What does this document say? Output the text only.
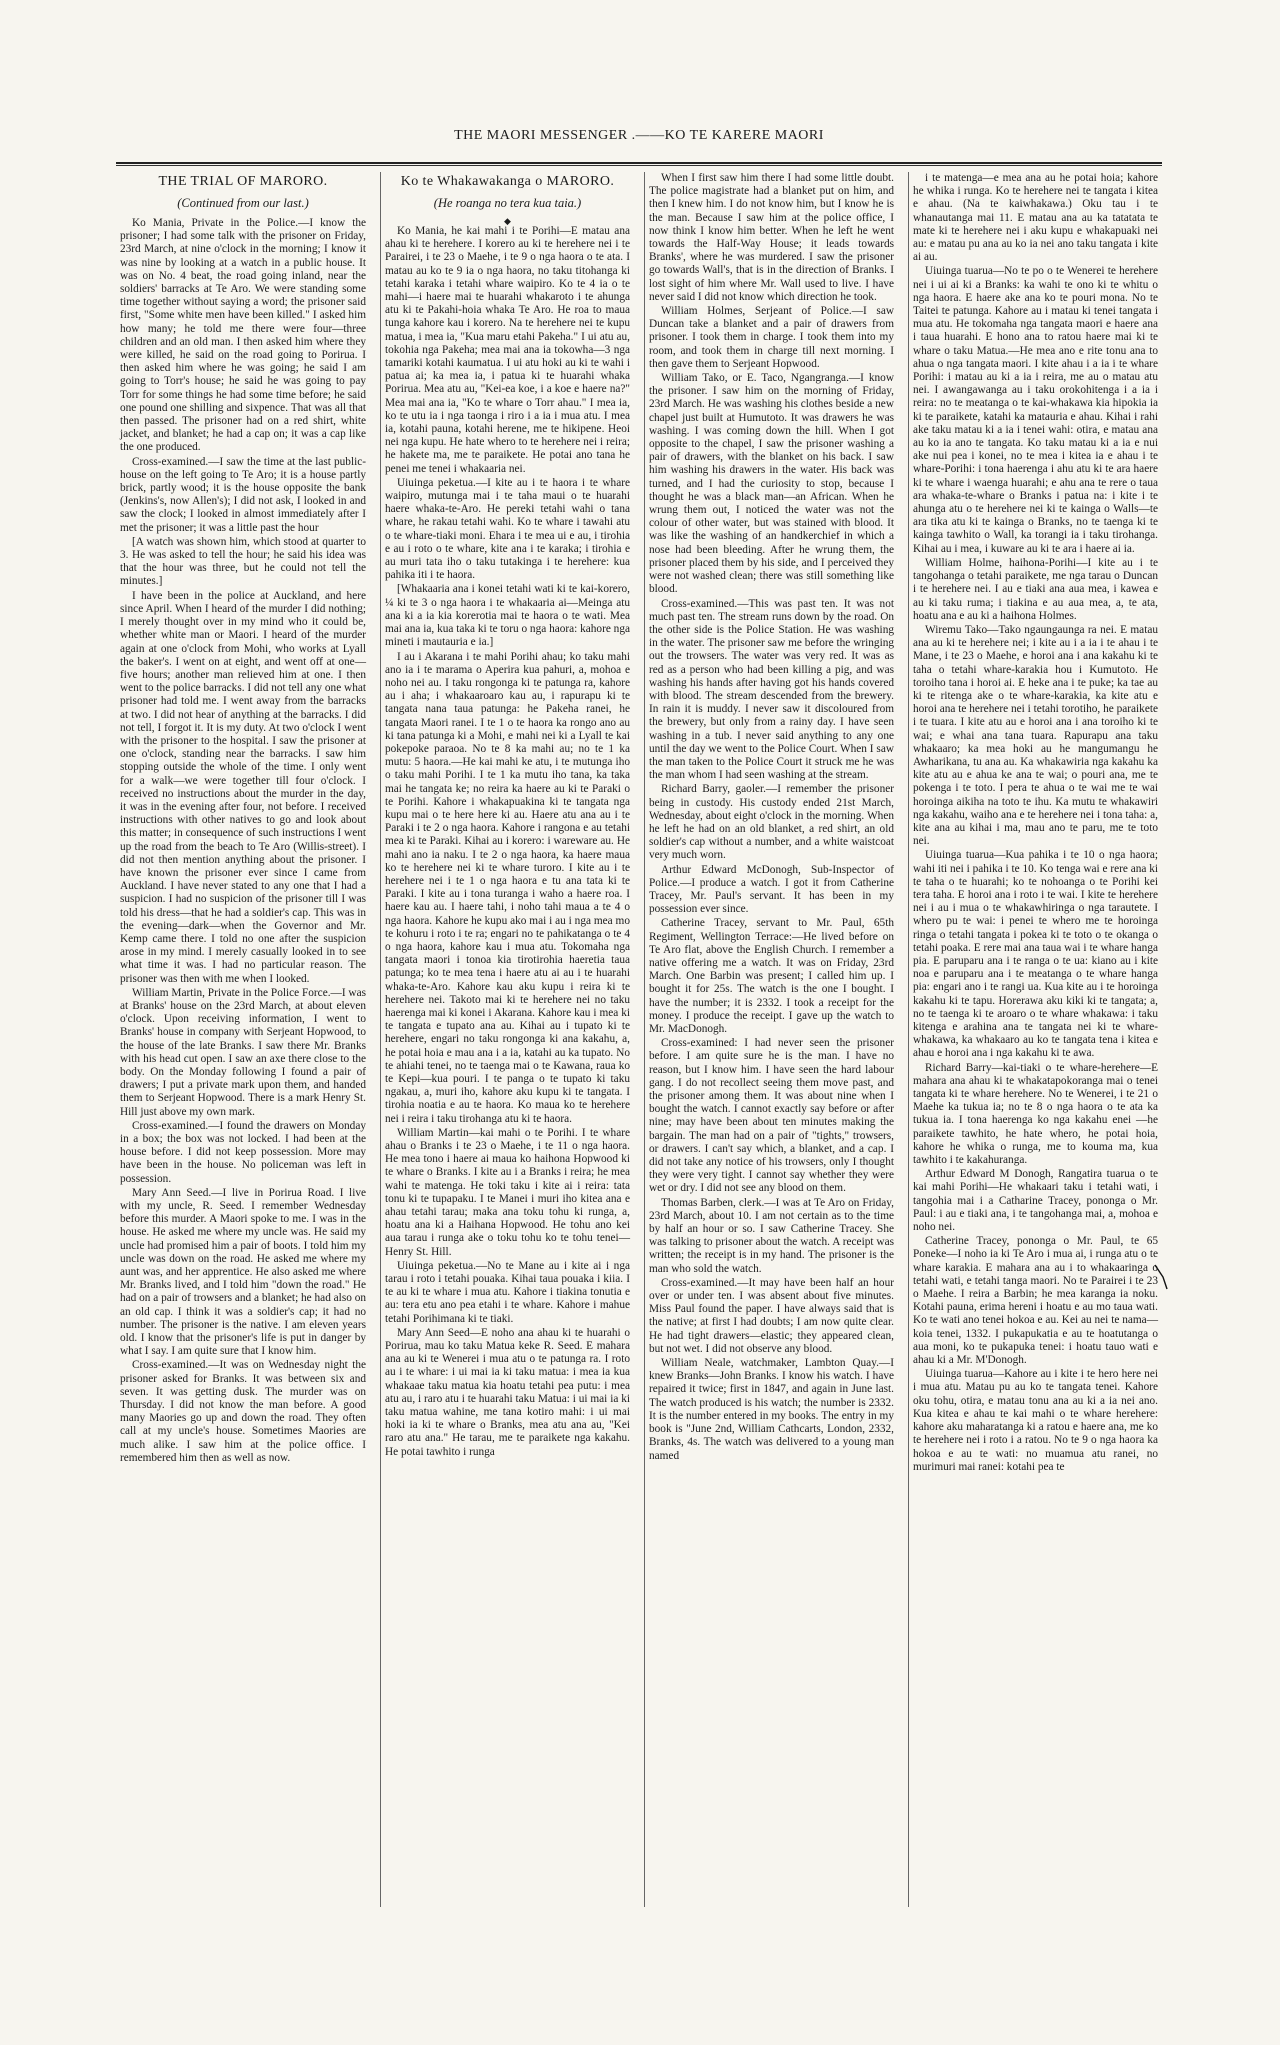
THE MAORI MESSENGER .——KO TE KARERE MAORI
THE TRIAL OF MARORO.
(Continued from our last.)

Ko Mania, Private in the Police.—I know the prisoner; I had some talk with the prisoner on Friday, 23rd March, at nine o'clock in the morning; I know it was nine by looking at a watch in a public house. It was on No. 4 beat, the road going inland, near the soldiers' barracks at Te Aro. We were standing some time together without saying a word; the prisoner said first, "Some white men have been killed." I asked him how many; he told me there were four—three children and an old man. I then asked him where they were killed, he said on the road going to Porirua. I then asked him where he was going; he said I am going to Torr's house; he said he was going to pay Torr for some things he had some time before; he said one pound one shilling and sixpence. That was all that then passed. The prisoner had on a red shirt, white jacket, and blanket; he had a cap on; it was a cap like the one produced.

Cross-examined.—I saw the time at the last public-house on the left going to Te Aro; it is a house partly brick, partly wood; it is the house opposite the bank (Jenkins's, now Allen's); I did not ask, I looked in and saw the clock; I looked in almost immediately after I met the prisoner; it was a little past the hour

[A watch was shown him, which stood at quarter to 3. He was asked to tell the hour; he said his idea was that the hour was three, but he could not tell the minutes.]

I have been in the police at Auckland, and here since April. When I heard of the murder I did nothing; I merely thought over in my mind who it could be, whether white man or Maori. I heard of the murder again at one o'clock from Mohi, who works at Lyall the baker's. I went on at eight, and went off at one—five hours; another man relieved him at one. I then went to the police barracks. I did not tell any one what prisoner had told me. I went away from the barracks at two. I did not hear of anything at the barracks. I did not tell, I forgot it. It is my duty. At two o'clock I went with the prisoner to the hospital. I saw the prisoner at one o'clock, standing near the barracks. I saw him stopping outside the whole of the time. I only went for a walk—we were together till four o'clock. I received no instructions about the murder in the day, it was in the evening after four, not before. I received instructions with other natives to go and look about this matter; in consequence of such instructions I went up the road from the beach to Te Aro (Willis-street). I did not then mention anything about the prisoner. I have known the prisoner ever since I came from Auckland. I have never stated to any one that I had a suspicion. I had no suspicion of the prisoner till I was told his dress—that he had a soldier's cap. This was in the evening—dark—when the Governor and Mr. Kemp came there. I told no one after the suspicion arose in my mind. I merely casually looked in to see what time it was. I had no particular reason. The prisoner was then with me when I looked.

William Martin, Private in the Police Force.—I was at Branks' house on the 23rd March, at about eleven o'clock. Upon receiving information, I went to Branks' house in company with Serjeant Hopwood, to the house of the late Branks. I saw there Mr. Branks with his head cut open. I saw an axe there close to the body. On the Monday following I found a pair of drawers; I put a private mark upon them, and handed them to Serjeant Hopwood. There is a mark Henry St. Hill just above my own mark.

Cross-examined.—I found the drawers on Monday in a box; the box was not locked. I had been at the house before. I did not keep possession. More may have been in the house. No policeman was left in possession.

Mary Ann Seed.—I live in Porirua Road. I live with my uncle, R. Seed. I remember Wednesday before this murder. A Maori spoke to me. I was in the house. He asked me where my uncle was. He said my uncle had promised him a pair of boots. I told him my uncle was down on the road. He asked me where my aunt was, and her apprentice. He also asked me where Mr. Branks lived, and I told him "down the road." He had on a pair of trowsers and a blanket; he had also on an old cap. I think it was a soldier's cap; it had no number. The prisoner is the native. I am eleven years old. I know that the prisoner's life is put in danger by what I say. I am quite sure that I know him.

Cross-examined.—It was on Wednesday night the prisoner asked for Branks. It was between six and seven. It was getting dusk. The murder was on Thursday. I did not know the man before. A good many Maories go up and down the road. They often call at my uncle's house. Sometimes Maories are much alike. I saw him at the police office. I remembered him then as well as now.

Ko te Whakawakanga o MARORO.
(He roanga no tera kua taia.)
◆

Ko Mania, he kai mahi i te Porihi—E matau ana ahau ki te herehere. I korero au ki te herehere nei i te Parairei, i te 23 o Maehe, i te 9 o nga haora o te ata. I matau au ko te 9 ia o nga haora, no taku titohanga ki tetahi karaka i tetahi whare waipiro. Ko te 4 ia o te mahi—i haere mai te huarahi whakaroto i te ahunga atu ki te Pakahi-hoia whaka Te Aro. He roa to maua tunga kahore kau i korero. Na te herehere nei te kupu matua, i mea ia, "Kua maru etahi Pakeha." I ui atu au, tokohia nga Pakeha; mea mai ana ia tokowha—3 nga tamariki kotahi kaumatua. I ui atu hoki au ki te wahi i patua ai; ka mea ia, i patua ki te huarahi whaka Porirua. Mea atu au, "Kei-ea koe, i a koe e haere na?" Mea mai ana ia, "Ko te whare o Torr ahau." I mea ia, ko te utu ia i nga taonga i riro i a ia i mua atu. I mea ia, kotahi pauna, kotahi herene, me te hikipene. Heoi nei nga kupu. He hate whero to te herehere nei i reira; he hakete ma, me te paraikete. He potai ano tana he penei me tenei i whakaaria nei.

Uiuinga peketua.—I kite au i te haora i te whare waipiro, mutunga mai i te taha maui o te huarahi haere whaka-te-Aro. He pereki tetahi wahi o tana whare, he rakau tetahi wahi. Ko te whare i tawahi atu o te whare-tiaki moni. Ehara i te mea ui e au, i tirohia e au i roto o te whare, kite ana i te karaka; i tirohia e au muri tata iho o taku tutakinga i te herehere: kua pahika iti i te haora.

[Whakaaria ana i konei tetahi wati ki te kai-korero, ¼ ki te 3 o nga haora i te whakaaria ai—Meinga atu ana ki a ia kia korerotia mai te haora o te wati. Mea mai ana ia, kua taka ki te toru o nga haora: kahore nga mineti i mautauria e ia.]

I au i Akarana i te mahi Porihi ahau; ko taku mahi ano ia i te marama o Aperira kua pahuri, a, mohoa e noho nei au. I taku rongonga ki te patunga ra, kahore au i aha; i whakaaroaro kau au, i rapurapu ki te tangata nana taua patunga: he Pakeha ranei, he tangata Maori ranei. I te 1 o te haora ka rongo ano au ki tana patunga ki a Mohi, e mahi nei ki a Lyall te kai pokepoke paraoa. No te 8 ka mahi au; no te 1 ka mutu: 5 haora.—He kai mahi ke atu, i te mutunga iho o taku mahi Porihi. I te 1 ka mutu iho tana, ka taka mai he tangata ke; no reira ka haere au ki te Paraki o te Porihi. Kahore i whakapuakina ki te tangata nga kupu mai o te here here ki au. Haere atu ana au i te Paraki i te 2 o nga haora. Kahore i rangona e au tetahi mea ki te Paraki. Kihai au i korero: i wareware au. He mahi ano ia naku. I te 2 o nga haora, ka haere maua ko te herehere nei ki te whare turoro. I kite au i te herehere nei i te 1 o nga haora e tu ana tata ki te Paraki. I kite au i tona turanga i waho a haere roa. I haere kau au. I haere tahi, i noho tahi maua a te 4 o nga haora. Kahore he kupu ako mai i au i nga mea mo te kohuru i roto i te ra; engari no te pahikatanga o te 4 o nga haora, kahore kau i mua atu. Tokomaha nga tangata maori i tonoa kia tirotirohia haeretia taua patunga; ko te mea tena i haere atu ai au i te huarahi whaka-te-Aro. Kahore kau aku kupu i reira ki te herehere nei. Takoto mai ki te herehere nei no taku haerenga mai ki konei i Akarana. Kahore kau i mea ki te tangata e tupato ana au. Kihai au i tupato ki te herehere, engari no taku rongonga ki ana kakahu, a, he potai hoia e mau ana i a ia, katahi au ka tupato. No te ahiahi tenei, no te taenga mai o te Kawana, raua ko te Kepi—kua pouri. I te panga o te tupato ki taku ngakau, a, muri iho, kahore aku kupu ki te tangata. I tirohia noatia e au te haora. Ko maua ko te herehere nei i reira i taku tirohanga atu ki te haora.

William Martin—kai mahi o te Porihi. I te whare ahau o Branks i te 23 o Maehe, i te 11 o nga haora. He mea tono i haere ai maua ko haihona Hopwood ki te whare o Branks. I kite au i a Branks i reira; he mea wahi te matenga. He toki taku i kite ai i reira: tata tonu ki te tupapaku. I te Manei i muri iho kitea ana e ahau tetahi tarau; maka ana toku tohu ki runga, a, hoatu ana ki a Haihana Hopwood. He tohu ano kei aua tarau i runga ake o toku tohu ko te tohu tenei—Henry St. Hill.

Uiuinga peketua.—No te Mane au i kite ai i nga tarau i roto i tetahi pouaka. Kihai taua pouaka i kiia. I te au ki te whare i mua atu. Kahore i tiakina tonutia e au: tera etu ano pea etahi i te whare. Kahore i mahue tetahi Porihimana ki te tiaki.

Mary Ann Seed—E noho ana ahau ki te huarahi o Porirua, mau ko taku Matua keke R. Seed. E mahara ana au ki te Wenerei i mua atu o te patunga ra. I roto au i te whare: i ui mai ia ki taku matua: i mea ia kua whakaae taku matua kia hoatu tetahi pea putu: i mea atu au, i raro atu i te huarahi taku Matua: i ui mai ia ki taku matua wahine, me tana kotiro mahi: i ui mai hoki ia ki te whare o Branks, mea atu ana au, "Kei raro atu ana." He tarau, me te paraikete nga kakahu. He potai tawhito i runga

When I first saw him there I had some little doubt. The police magistrate had a blanket put on him, and then I knew him. I do not know him, but I know he is the man. Because I saw him at the police office, I now think I know him better. When he left he went towards the Half-Way House; it leads towards Branks', where he was murdered. I saw the prisoner go towards Wall's, that is in the direction of Branks. I lost sight of him where Mr. Wall used to live. I have never said I did not know which direction he took.

William Holmes, Serjeant of Police.—I saw Duncan take a blanket and a pair of drawers from prisoner. I took them in charge. I took them into my room, and took them in charge till next morning. I then gave them to Serjeant Hopwood.

William Tako, or E. Taco, Ngangranga.—I know the prisoner. I saw him on the morning of Friday, 23rd March. He was washing his clothes beside a new chapel just built at Humutoto. It was drawers he was washing. I was coming down the hill. When I got opposite to the chapel, I saw the prisoner washing a pair of drawers, with the blanket on his back. I saw him washing his drawers in the water. His back was turned, and I had the curiosity to stop, because I thought he was a black man—an African. When he wrung them out, I noticed the water was not the colour of other water, but was stained with blood. It was like the washing of an handkerchief in which a nose had been bleeding. After he wrung them, the prisoner placed them by his side, and I perceived they were not washed clean; there was still something like blood.

Cross-examined.—This was past ten. It was not much past ten. The stream runs down by the road. On the other side is the Police Station. He was washing in the water. The prisoner saw me before the wringing out the trowsers. The water was very red. It was as red as a person who had been killing a pig, and was washing his hands after having got his hands covered with blood. The stream descended from the brewery. In rain it is muddy. I never saw it discoloured from the brewery, but only from a rainy day. I have seen washing in a tub. I never said anything to any one until the day we went to the Police Court. When I saw the man taken to the Police Court it struck me he was the man whom I had seen washing at the stream.

Richard Barry, gaoler.—I remember the prisoner being in custody. His custody ended 21st March, Wednesday, about eight o'clock in the morning. When he left he had on an old blanket, a red shirt, an old soldier's cap without a number, and a white waistcoat very much worn.

Arthur Edward McDonogh, Sub-Inspector of Police.—I produce a watch. I got it from Catherine Tracey, Mr. Paul's servant. It has been in my possession ever since.

Catherine Tracey, servant to Mr. Paul, 65th Regiment, Wellington Terrace:—He lived before on Te Aro flat, above the English Church. I remember a native offering me a watch. It was on Friday, 23rd March. One Barbin was present; I called him up. I bought it for 25s. The watch is the one I bought. I have the number; it is 2332. I took a receipt for the money. I produce the receipt. I gave up the watch to Mr. MacDonogh.

Cross-examined: I had never seen the prisoner before. I am quite sure he is the man. I have no reason, but I know him. I have seen the hard labour gang. I do not recollect seeing them move past, and the prisoner among them. It was about nine when I bought the watch. I cannot exactly say before or after nine; may have been about ten minutes making the bargain. The man had on a pair of "tights," trowsers, or drawers. I can't say which, a blanket, and a cap. I did not take any notice of his trowsers, only I thought they were very tight. I cannot say whether they were wet or dry. I did not see any blood on them.

Thomas Barben, clerk.—I was at Te Aro on Friday, 23rd March, about 10. I am not certain as to the time by half an hour or so. I saw Catherine Tracey. She was talking to prisoner about the watch. A receipt was written; the receipt is in my hand. The prisoner is the man who sold the watch.

Cross-examined.—It may have been half an hour over or under ten. I was absent about five minutes. Miss Paul found the paper. I have always said that is the native; at first I had doubts; I am now quite clear. He had tight drawers—elastic; they appeared clean, but not wet. I did not observe any blood.

William Neale, watchmaker, Lambton Quay.—I knew Branks—John Branks. I know his watch. I have repaired it twice; first in 1847, and again in June last. The watch produced is his watch; the number is 2332. It is the number entered in my books. The entry in my book is "June 2nd, William Cathcarts, London, 2332, Branks, 4s. The watch was delivered to a young man named

i te matenga—e mea ana au he potai hoia; kahore he whika i runga. Ko te herehere nei te tangata i kitea e ahau. (Na te kaiwhakawa.) Oku tau i te whanautanga mai 11. E matau ana au ka tatatata te mate ki te herehere nei i aku kupu e whakapuaki nei au: e matau pu ana au ko ia nei ano taku tangata i kite ai au.

Uiuinga tuarua—No te po o te Wenerei te herehere nei i ui ai ki a Branks: ka wahi te ono ki te whitu o nga haora. E haere ake ana ko te pouri mona. No te Taitei te patunga. Kahore au i matau ki tenei tangata i mua atu. He tokomaha nga tangata maori e haere ana i taua huarahi. E hono ana to ratou haere mai ki te whare o taku Matua.—He mea ano e rite tonu ana to ahua o nga tangata maori. I kite ahau i a ia i te whare Porihi: i matau au ki a ia i reira, me au o matau atu nei. I awangawanga au i taku orokohitenga i a ia i reira: no te meatanga o te kai-whakawa kia hipokia ia ki te paraikete, katahi ka matauria e ahau. Kihai i rahi ake taku matau ki a ia i tenei wahi: otira, e matau ana au ko ia ano te tangata. Ko taku matau ki a ia e nui ake nui pea i konei, no te mea i kitea ia e ahau i te whare-Porihi: i tona haerenga i ahu atu ki te ara haere ki te whare i waenga huarahi; e ahu ana te rere o taua ara whaka-te-whare o Branks i patua na: i kite i te ahunga atu o te herehere nei ki te kainga o Walls—te ara tika atu ki te kainga o Branks, no te taenga ki te kainga tawhito o Wall, ka torangi ia i taku tirohanga. Kihai au i mea, i kuware au ki te ara i haere ai ia.

William Holme, haihona-Porihi—I kite au i te tangohanga o tetahi paraikete, me nga tarau o Duncan i te herehere nei. I au e tiaki ana aua mea, i kawea e au ki taku ruma; i tiakina e au aua mea, a, te ata, hoatu ana e au ki a haihona Holmes.

Wiremu Tako—Tako ngaungaunga ra nei. E matau ana au ki te herehere nei; i kite au i a ia i te ahau i te Mane, i te 23 o Maehe, e horoi ana i ana kakahu ki te taha o tetahi whare-karakia hou i Kumutoto. He toroiho tana i horoi ai. E heke ana i te puke; ka tae au ki te ritenga ake o te whare-karakia, ka kite atu e horoi ana te herehere nei i tetahi torotiho, he paraikete i te tuara. I kite atu au e horoi ana i ana toroiho ki te wai; e whai ana tana tuara. Rapurapu ana taku whakaaro; ka mea hoki au he mangumangu he Awharikana, tu ana au. Ka whakawiria nga kakahu ka kite atu au e ahua ke ana te wai; o pouri ana, me te pokenga i te toto. I pera te ahua o te wai me te wai horoinga aikiha na toto te ihu. Ka mutu te whakawiri nga kakahu, waiho ana e te herehere nei i tona taha: a, kite ana au kihai i ma, mau ano te paru, me te toto nei.

Uiuinga tuarua—Kua pahika i te 10 o nga haora; wahi iti nei i pahika i te 10. Ko tenga wai e rere ana ki te taha o te huarahi; ko te nohoanga o te Porihi kei tera taha. E horoi ana i roto i te wai. I kite te herehere nei i au i mua o te whakawhiringa o nga tarautete. I whero pu te wai: i penei te whero me te horoinga ringa o tetahi tangata i pokea ki te toto o te okanga o tetahi poaka. E rere mai ana taua wai i te whare hanga pia. E paruparu ana i te ranga o te ua: kiano au i kite noa e paruparu ana i te meatanga o te whare hanga pia: engari ano i te rangi ua. Kua kite au i te horoinga kakahu ki te tapu. Horerawa aku kiki ki te tangata; a, no te taenga ki te aroaro o te whare whakawa: i taku kitenga e arahina ana te tangata nei ki te whare-whakawa, ka whakaaro au ko te tangata tena i kitea e ahau e horoi ana i nga kakahu ki te awa.

Richard Barry—kai-tiaki o te whare-herehere—E mahara ana ahau ki te whakatapokoranga mai o tenei tangata ki te whare herehere. No te Wenerei, i te 21 o Maehe ka tukua ia; no te 8 o nga haora o te ata ka tukua ia. I tona haerenga ko nga kakahu enei —he paraikete tawhito, he hate whero, he potai hoia, kahore he whika o runga, me to kouma ma, kua tawhito i te kakahuranga.

Arthur Edward M Donogh, Rangatira tuarua o te kai mahi Porihi—He whakaari taku i tetahi wati, i tangohia mai i a Catharine Tracey, pononga o Mr. Paul: i au e tiaki ana, i te tangohanga mai, a, mohoa e noho nei.

Catherine Tracey, pononga o Mr. Paul, te 65 Poneke—I noho ia ki Te Aro i mua ai, i runga atu o te whare karakia. E mahara ana au i to whakaaringa o tetahi wati, e tetahi tanga maori. No te Parairei i te 23 o Maehe. I reira a Barbin; he mea karanga ia noku. Kotahi pauna, erima hereni i hoatu e au mo taua wati. Ko te wati ano tenei hokoa e au. Kei au nei te nama—koia tenei, 1332. I pukapukatia e au te hoatutanga o aua moni, ko te pukapuka tenei: i hoatu tauo wati e ahau ki a Mr. M'Donogh.

Uiuinga tuarua—Kahore au i kite i te hero here nei i mua atu. Matau pu au ko te tangata tenei. Kahore oku tohu, otira, e matau tonu ana au ki a ia nei ano. Kua kitea e ahau te kai mahi o te whare herehere: kahore aku maharatanga ki a ratou e haere ana, me ko te herehere nei i roto i a ratou. No te 9 o nga haora ka hokoa e au te wati: no muamua atu ranei, no murimuri mai ranei: kotahi pea te
